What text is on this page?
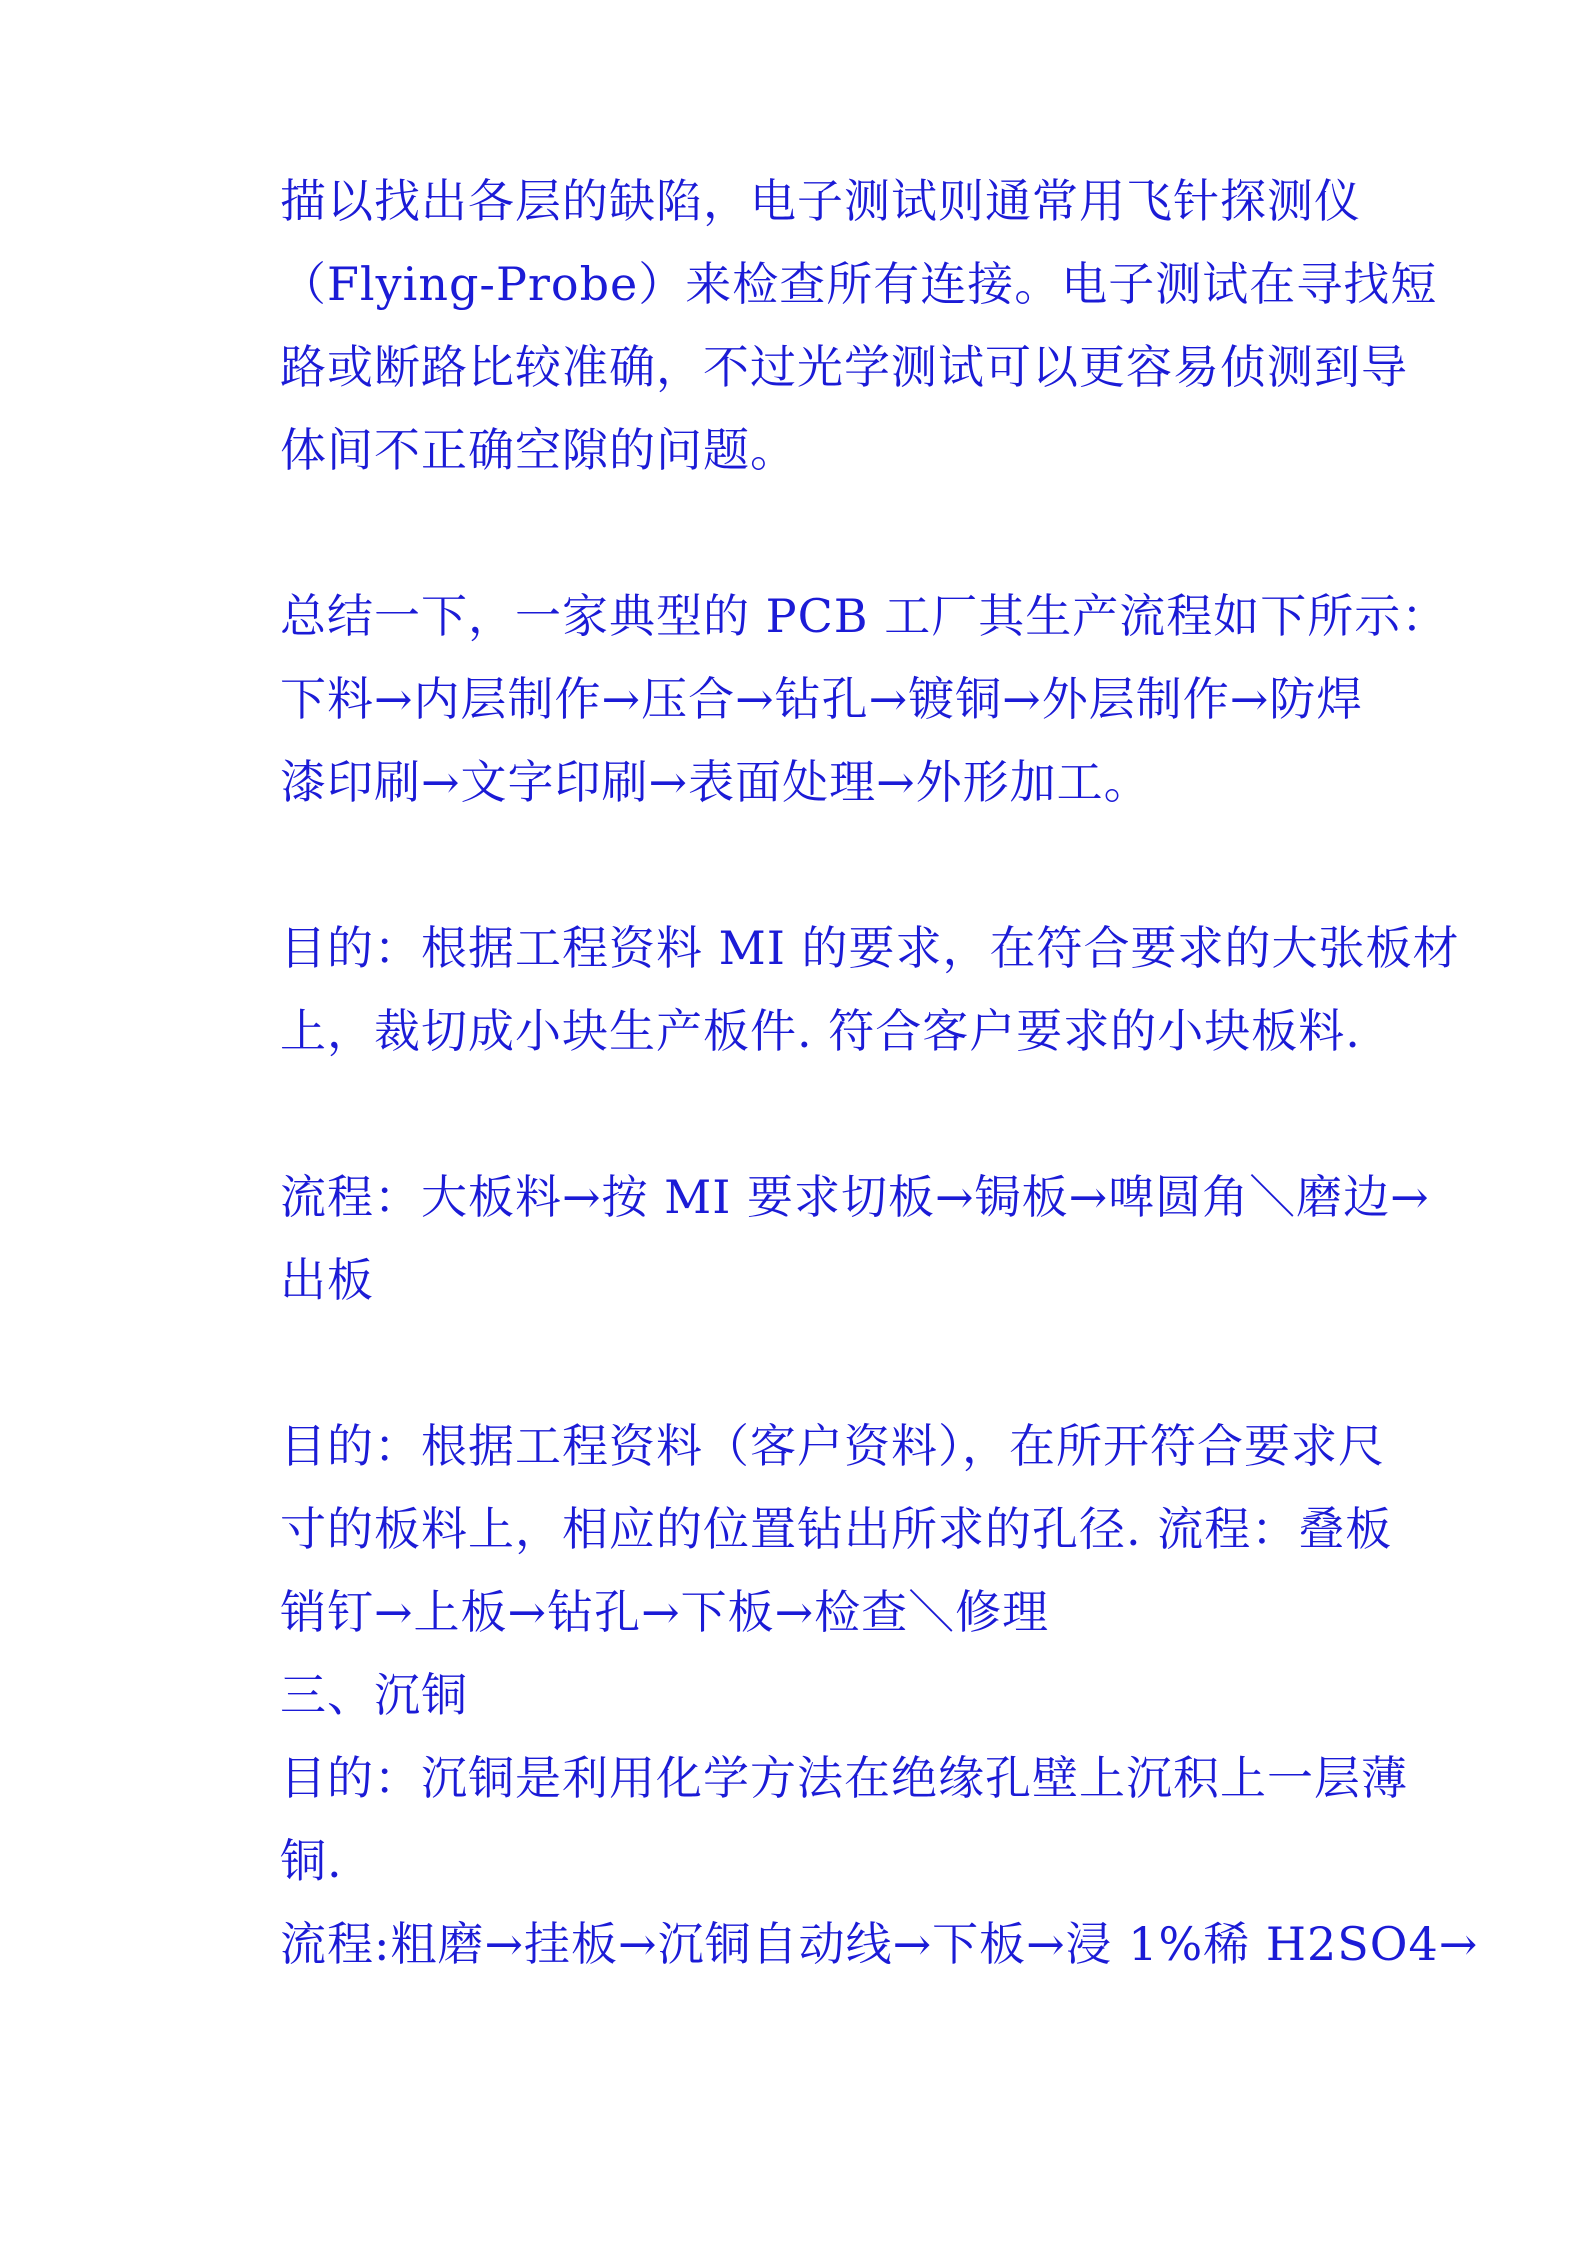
描以找出各层的缺陷，电子测试则通常用飞针探测仪
（Flying-Probe）来检查所有连接。电子测试在寻找短
路或断路比较准确，不过光学测试可以更容易侦测到导
体间不正确空隙的问题。
总结一下，一家典型的 PCB 工厂其生产流程如下所示：
下料→内层制作→压合→钻孔→镀铜→外层制作→防焊
漆印刷→文字印刷→表面处理→外形加工。
目的：根据工程资料 MI 的要求，在符合要求的大张板材
上，裁切成小块生产板件. 符合客户要求的小块板料.
流程：大板料→按 MI 要求切板→锔板→啤圆角＼磨边→
出板
目的：根据工程资料（客户资料），在所开符合要求尺
寸的板料上，相应的位置钻出所求的孔径. 流程：叠板
销钉→上板→钻孔→下板→检查＼修理
三、沉铜
目的：沉铜是利用化学方法在绝缘孔壁上沉积上一层薄
铜.
流程:粗磨→挂板→沉铜自动线→下板→浸 1%稀 H2SO4→
